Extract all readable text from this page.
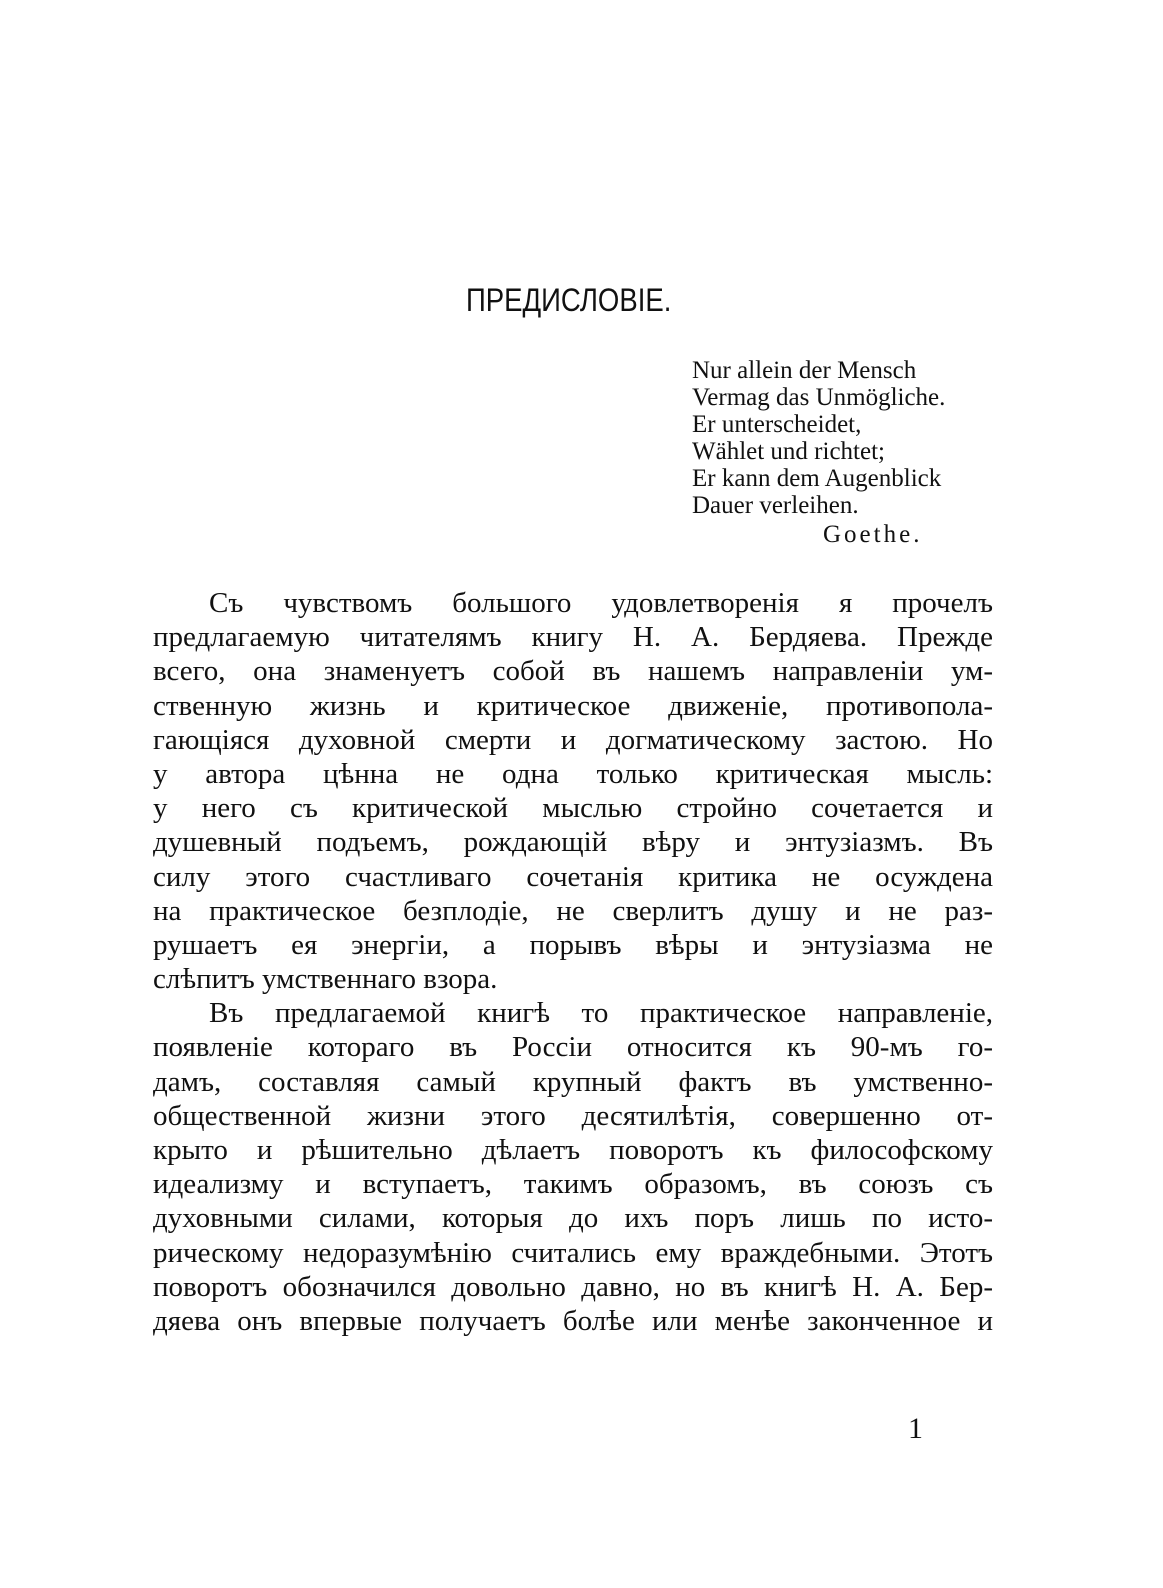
ПРЕДИСЛОВІЕ.
Nur allein der Mensch
Vermag das Unmögliche.
Er unterscheidet,
Wählet und richtet;
Er kann dem Augenblick
Dauer verleihen.
Goethe.
Съ чувствомъ большого удовлетворенія я прочелъ
предлагаемую читателямъ книгу Н. А. Бердяева. Прежде
всего, она знаменуетъ собой въ нашемъ направленіи ум-
ственную жизнь и критическое движеніе, противопола-
гающіяся духовной смерти и догматическому застою. Но
у автора цѣнна не одна только критическая мысль:
у него съ критической мыслью стройно сочетается и
душевный подъемъ, рождающій вѣру и энтузіазмъ. Въ
силу этого счастливаго сочетанія критика не осуждена
на практическое безплодіе, не сверлитъ душу и не раз-
рушаетъ ея энергіи, а порывъ вѣры и энтузіазма не
слѣпитъ умственнаго взора.
Въ предлагаемой книгѣ то практическое направленіе,
появленіе котораго въ Россіи относится къ 90-мъ го-
дамъ, составляя самый крупный фактъ въ умственно-
общественной жизни этого десятилѣтія, совершенно от-
крыто и рѣшительно дѣлаетъ поворотъ къ философскому
идеализму и вступаетъ, такимъ образомъ, въ союзъ съ
духовными силами, которыя до ихъ поръ лишь по исто-
рическому недоразумѣнію считались ему враждебными. Этотъ
поворотъ обозначился довольно давно, но въ книгѣ Н. А. Бер-
дяева онъ впервые получаетъ болѣе или менѣе законченное и
1
